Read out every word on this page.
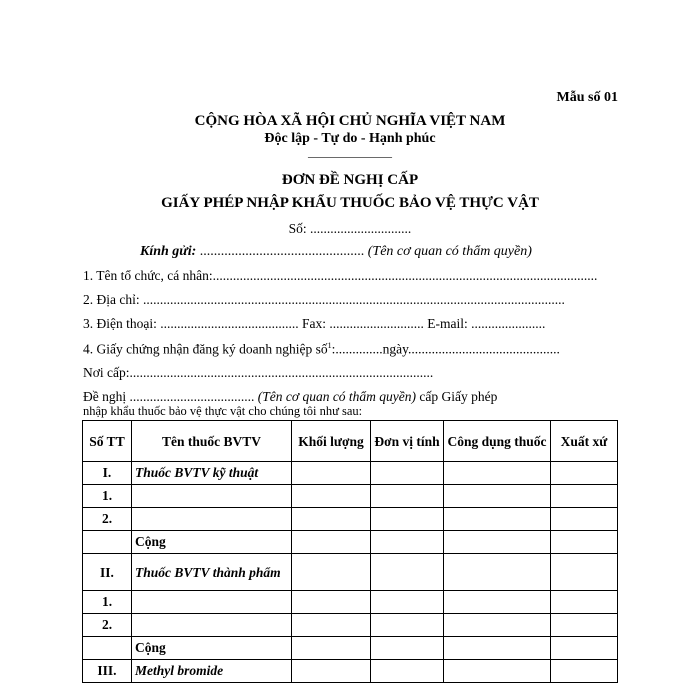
Mẫu số 01
CỘNG HÒA XÃ HỘI CHỦ NGHĨA VIỆT NAM
Độc lập - Tự do - Hạnh phúc
———————
ĐƠN ĐỀ NGHỊ CẤP
GIẤY PHÉP NHẬP KHẨU THUỐC BẢO VỆ THỰC VẬT
Số: ..............................
Kính gửi: ............................................... (Tên cơ quan có thẩm quyền)
1. Tên tổ chức, cá nhân:..................................................................................................................
2. Địa chỉ: .............................................................................................................................
3. Điện thoại: ......................................... Fax: ............................ E-mail: ......................
4. Giấy chứng nhận đăng ký doanh nghiệp số$^1$:..............ngày.............................................
Nơi cấp:..........................................................................................
Đề nghị ..................................... (Tên cơ quan có thẩm quyền) cấp Giấy phép
nhập khẩu thuốc bảo vệ thực vật cho chúng tôi như sau:
Số TT	Tên thuốc BVTV	Khối lượng	Đơn vị tính	Công dụng thuốc	Xuất xứ
I.	Thuốc BVTV kỹ thuật				
1.					
2.					
	Cộng				
II.	Thuốc BVTV thành phẩm				
1.					
2.					
	Cộng				
III.	Methyl bromide				
